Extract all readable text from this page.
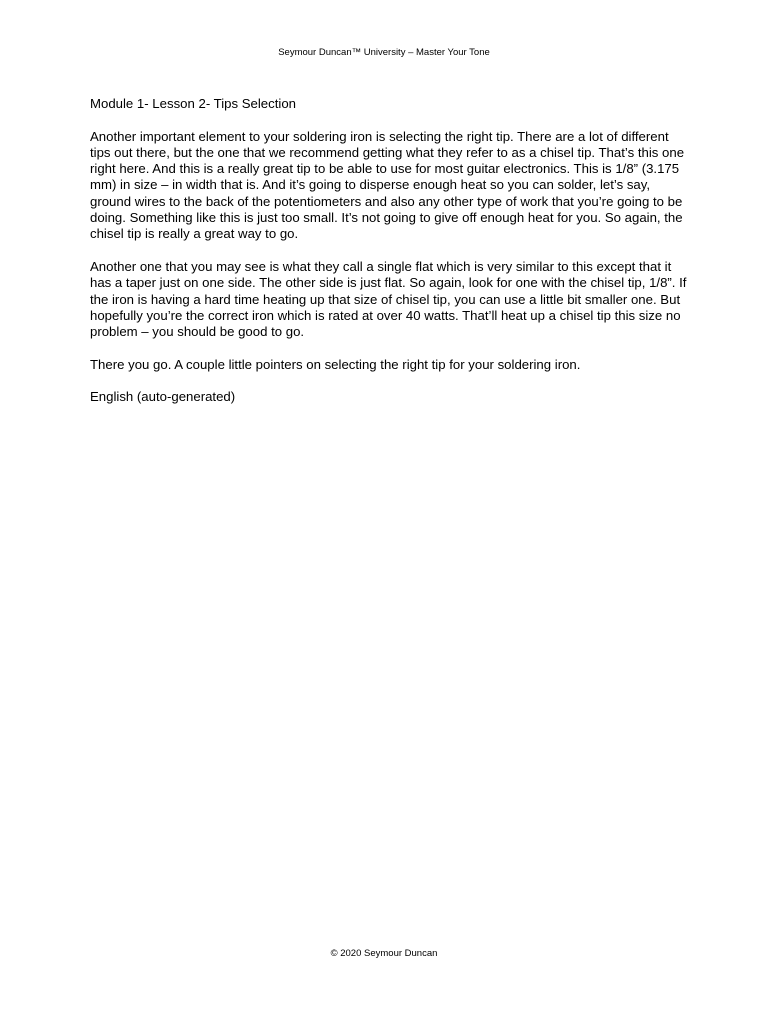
Seymour Duncan™ University – Master Your Tone

Module 1- Lesson 2- Tips Selection

Another important element to your soldering iron is selecting the right tip. There are a lot of different tips out there, but the one that we recommend getting what they refer to as a chisel tip. That’s this one right here. And this is a really great tip to be able to use for most guitar electronics. This is 1/8” (3.175 mm) in size – in width that is. And it’s going to disperse enough heat so you can solder, let’s say, ground wires to the back of the potentiometers and also any other type of work that you’re going to be doing. Something like this is just too small. It’s not going to give off enough heat for you. So again, the chisel tip is really a great way to go.

Another one that you may see is what they call a single flat which is very similar to this except that it has a taper just on one side. The other side is just flat. So again, look for one with the chisel tip, 1/8”. If the iron is having a hard time heating up that size of chisel tip, you can use a little bit smaller one. But hopefully you’re the correct iron which is rated at over 40 watts. That’ll heat up a chisel tip this size no problem – you should be good to go.

There you go. A couple little pointers on selecting the right tip for your soldering iron.

English (auto-generated)

© 2020 Seymour Duncan
